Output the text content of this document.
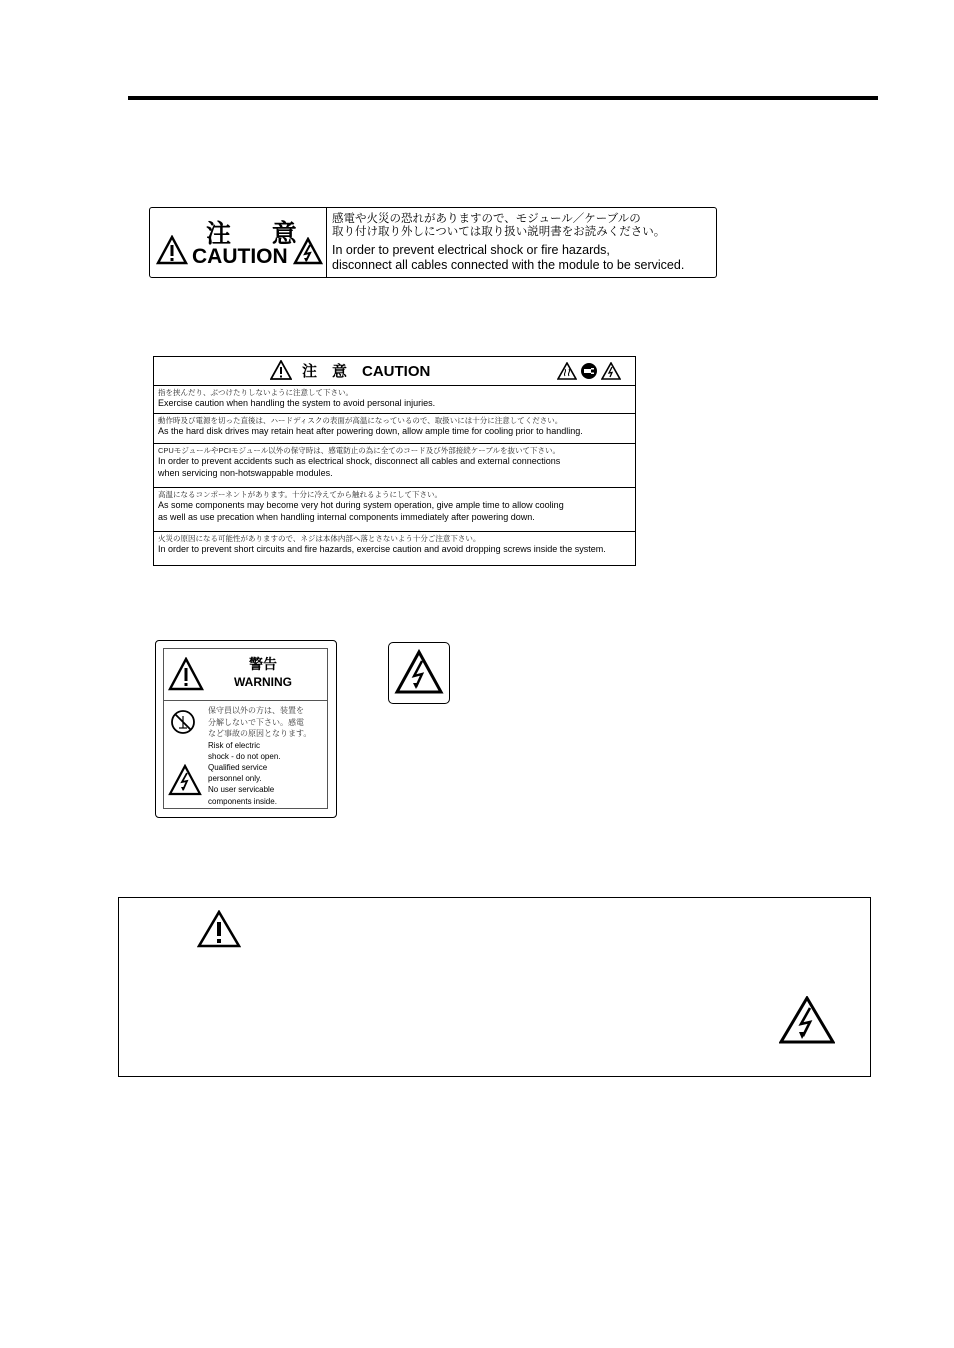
注 意
CAUTION
感電や火災の恐れがありますので、モジュール／ケーブルの
取り付け取り外しについては取り扱い説明書をお読みください。
In order to prevent electrical shock or fire hazards,
disconnect all cables connected with the module to be serviced.
注　意　CAUTION
指を挟んだり、ぶつけたりしないように注意して下さい。
Exercise caution when handling the system to avoid personal injuries.
動作時及び電源を切った直後は、ハードディスクの表面が高温になっているので、取扱いには十分に注意してください。
As the hard disk drives may retain heat after powering down, allow ample time for cooling prior to handling.
CPUモジュールやPCIモジュール以外の保守時は、感電防止の為に全てのコード及び外部接続ケーブルを抜いて下さい。
In order to prevent accidents such as electrical shock, disconnect all cables and external connections
when servicing non-hotswappable modules.
高温になるコンポーネントがあります。十分に冷えてから触れるようにして下さい。
As some components may become very hot during system operation, give ample time to allow cooling
as well as use precation when handling internal components immediately after powering down.
火災の原因になる可能性がありますので、ネジは本体内部へ落とさないよう十分ご注意下さい。
In order to prevent short circuits and fire hazards, exercise caution and avoid dropping screws inside the system.
警告
WARNING
保守員以外の方は、装置を
分解しないで下さい。感電
など事故の原因となります。
Risk of electric
shock - do not open.
Qualified service
personnel only.
No user servicable
components inside.
